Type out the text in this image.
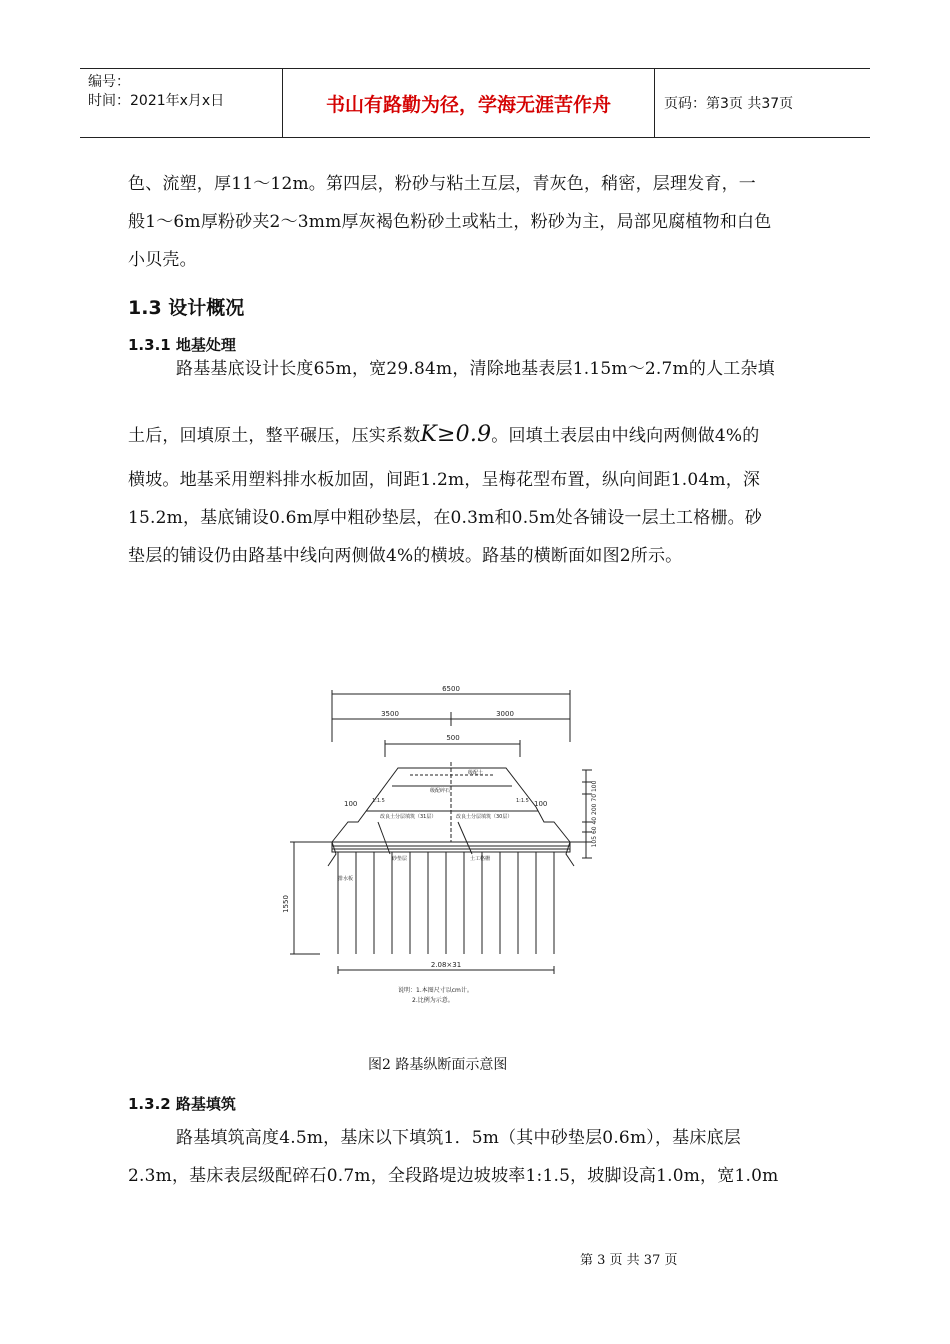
编号：
时间：2021年x月x日	书山有路勤为径，学海无涯苦作舟	页码：第3页 共37页
色、流塑，厚11～12m。第四层，粉砂与粘土互层，青灰色，稍密，层理发育，一
般1～6m厚粉砂夹2～3mm厚灰褐色粉砂土或粘土，粉砂为主，局部见腐植物和白色
小贝壳。
1.3 设计概况
1.3.1 地基处理
路基基底设计长度65m，宽29.84m，清除地基表层1.15m～2.7m的人工杂填
土后，回填原土，整平碾压，压实系数K≥0.9。回填土表层由中线向两侧做4%的
横坡。地基采用塑料排水板加固，间距1.2m，呈梅花型布置，纵向间距1.04m，深
15.2m，基底铺设0.6m厚中粗砂垫层，在0.3m和0.5m处各铺设一层土工格栅。砂
垫层的铺设仍由路基中线向两侧做4%的横坡。路基的横断面如图2所示。
6500
3500	3000
500
级配土
级配碎石
改良土分层填筑（31层）	改良土分层填筑（30层）
砂垫层	土工格栅
排水板
1:1.5	1:1.5
100	100
1550
105 60 40 200 70 100
2.08×31
说明：1.本图尺寸以cm计。
2.比例为示意。
图2 路基纵断面示意图
1.3.2 路基填筑
路基填筑高度4.5m，基床以下填筑1．5m（其中砂垫层0.6m），基床底层
2.3m，基床表层级配碎石0.7m，全段路堤边坡坡率1:1.5，坡脚设高1.0m，宽1.0m
第 3 页 共 37 页
